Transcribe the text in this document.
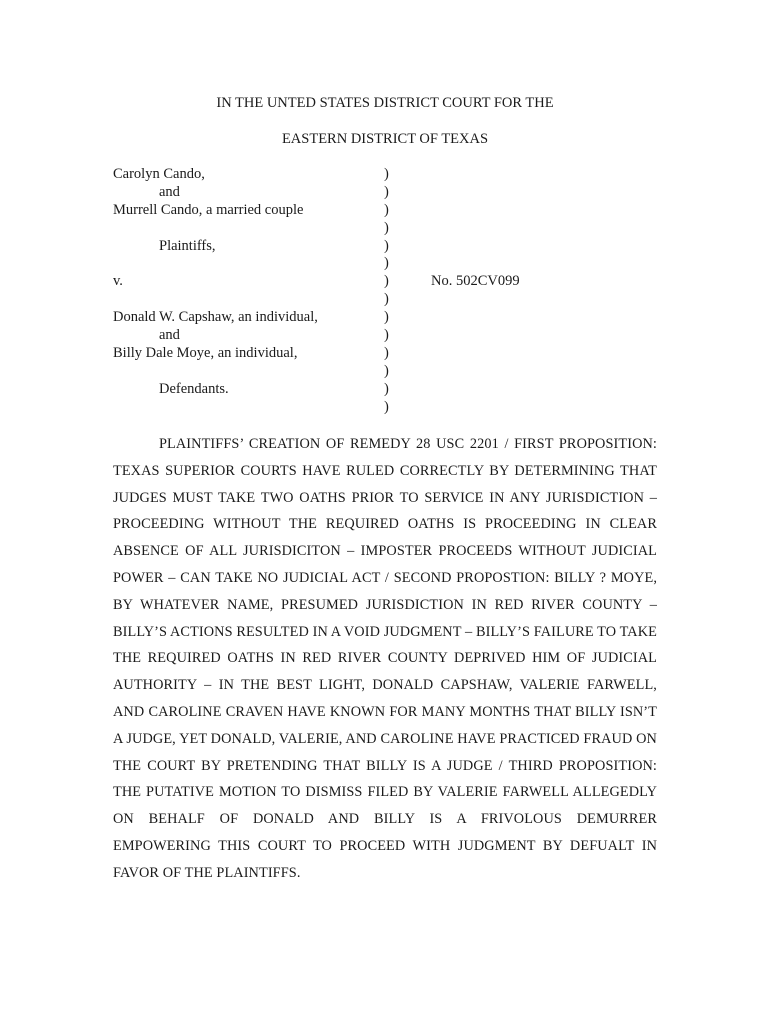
IN THE UNTED STATES DISTRICT COURT FOR THE
EASTERN DISTRICT OF TEXAS
Carolyn Cando,
and
Murrell Cando, a married couple
Plaintiffs,
v.
Donald W. Capshaw, an individual,
and
Billy Dale Moye, an individual,
Defendants.
)
)
)
)
)
)
)
)
)
)
)
)
)
)
No. 502CV099
PLAINTIFFS’ CREATION OF REMEDY 28 USC 2201 / FIRST PROPOSITION: TEXAS SUPERIOR COURTS HAVE RULED CORRECTLY BY DETERMINING THAT JUDGES MUST TAKE TWO OATHS PRIOR TO SERVICE IN ANY JURISDICTION – PROCEEDING WITHOUT THE REQUIRED OATHS IS PROCEEDING IN CLEAR ABSENCE OF ALL JURISDICITON – IMPOSTER PROCEEDS WITHOUT JUDICIAL POWER – CAN TAKE NO JUDICIAL ACT / SECOND PROPOSTION: BILLY ? MOYE, BY WHATEVER NAME, PRESUMED JURISDICTION IN RED RIVER COUNTY – BILLY’S ACTIONS RESULTED IN A VOID JUDGMENT – BILLY’S FAILURE TO TAKE THE REQUIRED OATHS IN RED RIVER COUNTY DEPRIVED HIM OF JUDICIAL AUTHORITY – IN THE BEST LIGHT, DONALD CAPSHAW, VALERIE FARWELL, AND CAROLINE CRAVEN HAVE KNOWN FOR MANY MONTHS THAT BILLY ISN’T A JUDGE, YET DONALD, VALERIE, AND CAROLINE HAVE PRACTICED FRAUD ON THE COURT BY PRETENDING THAT BILLY IS A JUDGE / THIRD PROPOSITION: THE PUTATIVE MOTION TO DISMISS FILED BY VALERIE FARWELL ALLEGEDLY ON BEHALF OF DONALD AND BILLY IS A FRIVOLOUS DEMURRER EMPOWERING THIS COURT TO PROCEED WITH JUDGMENT BY DEFUALT IN FAVOR OF THE PLAINTIFFS.
